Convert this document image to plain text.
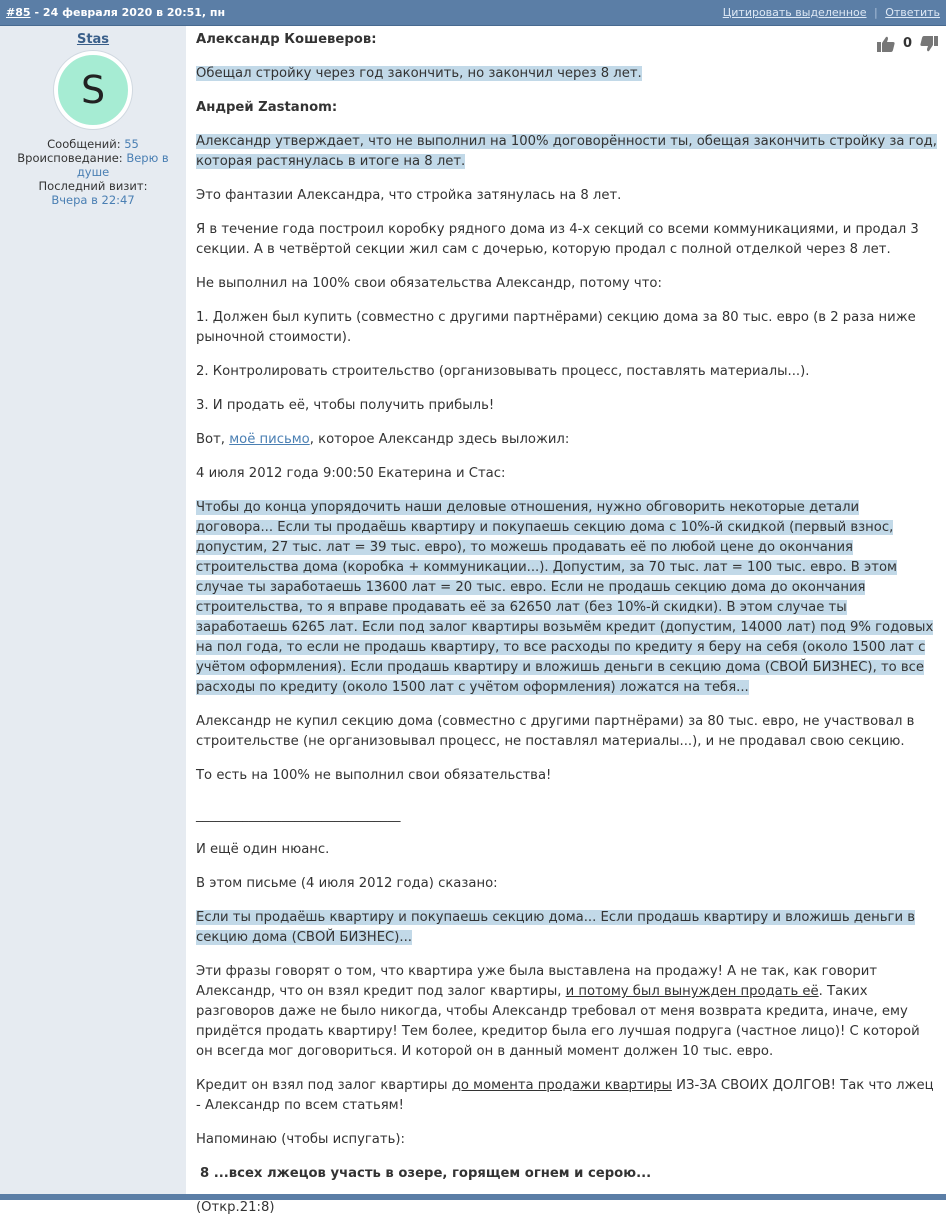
#85 - 24 февраля 2020 в 20:51, пн	Цитировать выделенное | Ответить
Stas
S
Сообщений: 55
Вроисповедание: Верю в душе
Последний визит:
Вчера в 22:47
0

Александр Кошеверов:

Обещал стройку через год закончить, но закончил через 8 лет.

Андрей Zastanom:

Александр утверждает, что не выполнил на 100% договорённости ты, обещая закончить стройку за год, которая растянулась в итоге на 8 лет.

Это фантазии Александра, что стройка затянулась на 8 лет.

Я в течение года построил коробку рядного дома из 4-х секций со всеми коммуникациями, и продал 3 секции. А в четвёртой секции жил сам с дочерью, которую продал с полной отделкой через 8 лет.

Не выполнил на 100% свои обязательства Александр, потому что:

1. Должен был купить (совместно с другими партнёрами) секцию дома за 80 тыс. евро (в 2 раза ниже рыночной стоимости).

2. Контролировать строительство (организовывать процесс, поставлять материалы...).

3. И продать её, чтобы получить прибыль!

Вот, моё письмо, которое Александр здесь выложил:

4 июля 2012 года 9:00:50 Екатерина и Стас:

Чтобы до конца упорядочить наши деловые отношения, нужно обговорить некоторые детали договора... Если ты продаёшь квартиру и покупаешь секцию дома с 10%-й скидкой (первый взнос, допустим, 27 тыс. лат = 39 тыс. евро), то можешь продавать её по любой цене до окончания строительства дома (коробка + коммуникации...). Допустим, за 70 тыс. лат = 100 тыс. евро. В этом случае ты заработаешь 13600 лат = 20 тыс. евро. Если не продашь секцию дома до окончания строительства, то я вправе продавать её за 62650 лат (без 10%-й скидки). В этом случае ты заработаешь 6265 лат. Если под залог квартиры возьмём кредит (допустим, 14000 лат) под 9% годовых на пол года, то если не продашь квартиру, то все расходы по кредиту я беру на себя (около 1500 лат с учётом оформления). Если продашь квартиру и вложишь деньги в секцию дома (СВОЙ БИЗНЕС), то все расходы по кредиту (около 1500 лат с учётом оформления) ложатся на тебя...

Александр не купил секцию дома (совместно с другими партнёрами) за 80 тыс. евро, не участвовал в строительстве (не организовывал процесс, не поставлял материалы...), и не продавал свою секцию.

То есть на 100% не выполнил свои обязательства!

_______________________________

И ещё один нюанс.

В этом письме (4 июля 2012 года) сказано:

Если ты продаёшь квартиру и покупаешь секцию дома... Если продашь квартиру и вложишь деньги в секцию дома (СВОЙ БИЗНЕС)...

Эти фразы говорят о том, что квартира уже была выставлена на продажу! А не так, как говорит Александр, что он взял кредит под залог квартиры, и потому был вынужден продать её. Таких разговоров даже не было никогда, чтобы Александр требовал от меня возврата кредита, иначе, ему придётся продать квартиру! Тем более, кредитор была его лучшая подруга (частное лицо)! С которой он всегда мог договориться. И которой он в данный момент должен 10 тыс. евро.

Кредит он взял под залог квартиры до момента продажи квартиры ИЗ-ЗА СВОИХ ДОЛГОВ! Так что лжец - Александр по всем статьям!

Напоминаю (чтобы испугать):

8 ...всех лжецов участь в озере, горящем огнем и серою...

(Откр.21:8)
